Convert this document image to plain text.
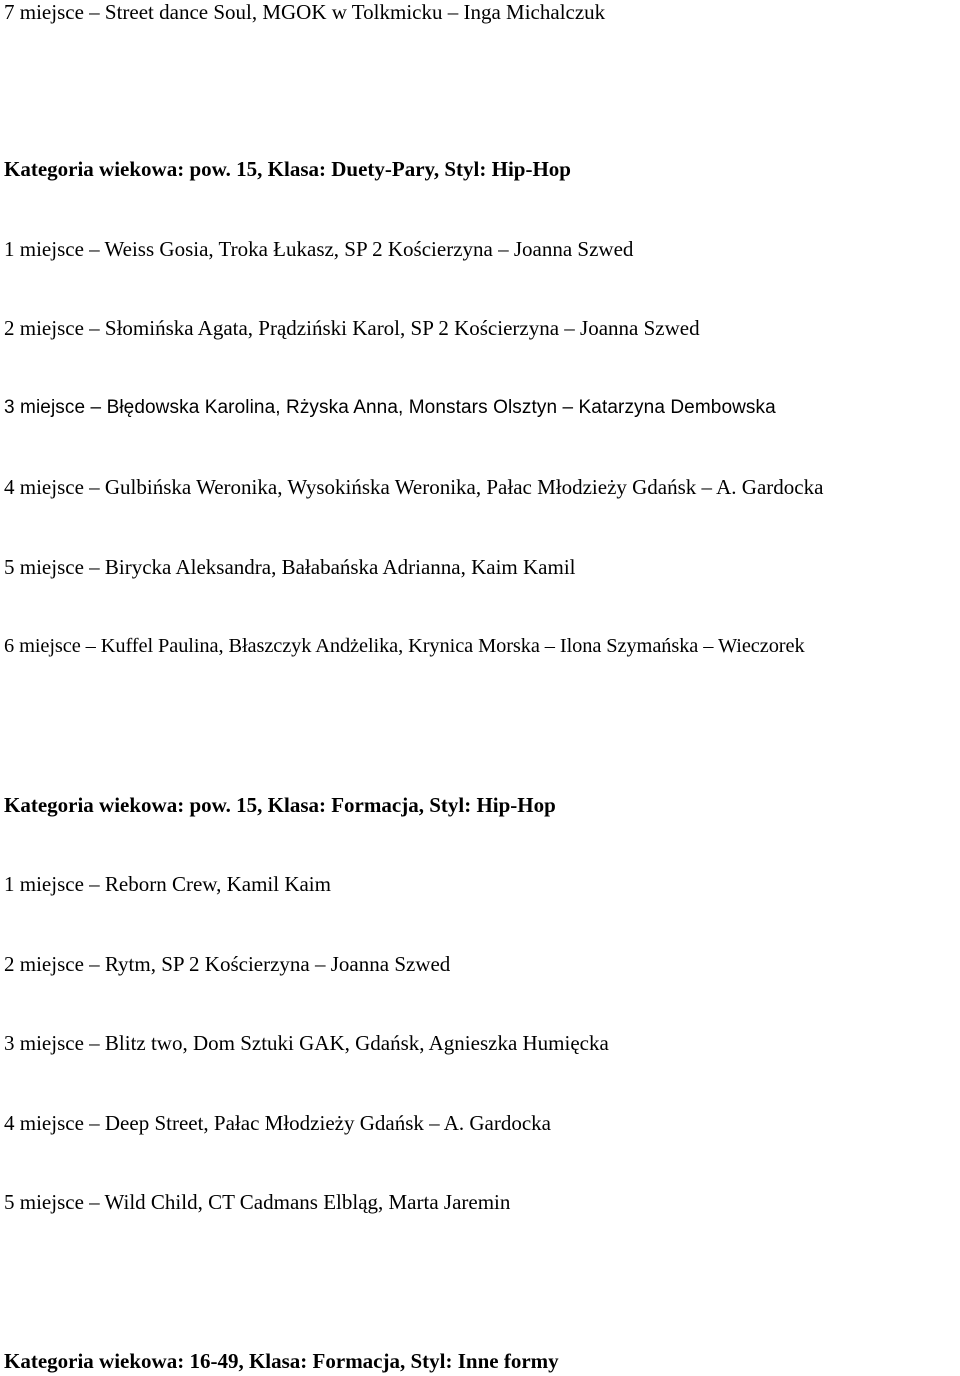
7 miejsce – Street dance Soul, MGOK w Tolkmicku – Inga Michalczuk
Kategoria wiekowa: pow. 15, Klasa: Duety-Pary, Styl: Hip-Hop
1 miejsce – Weiss Gosia, Troka Łukasz, SP 2 Kościerzyna – Joanna Szwed
2 miejsce – Słomińska Agata, Prądziński Karol, SP 2 Kościerzyna – Joanna Szwed
3 miejsce – Błędowska Karolina, Rżyska Anna, Monstars Olsztyn – Katarzyna Dembowska
4 miejsce – Gulbińska Weronika, Wysokińska Weronika, Pałac Młodzieży Gdańsk – A. Gardocka
5 miejsce – Birycka Aleksandra, Bałabańska Adrianna, Kaim Kamil
6 miejsce – Kuffel Paulina, Błaszczyk Andżelika, Krynica Morska – Ilona Szymańska – Wieczorek
Kategoria wiekowa: pow. 15, Klasa: Formacja, Styl: Hip-Hop
1 miejsce – Reborn Crew, Kamil Kaim
2 miejsce – Rytm, SP 2 Kościerzyna – Joanna Szwed
3 miejsce – Blitz two, Dom Sztuki GAK, Gdańsk, Agnieszka Humięcka
4 miejsce – Deep Street, Pałac Młodzieży Gdańsk – A. Gardocka
5 miejsce – Wild Child, CT Cadmans Elbląg, Marta Jaremin
Kategoria wiekowa: 16-49, Klasa: Formacja, Styl: Inne formy
